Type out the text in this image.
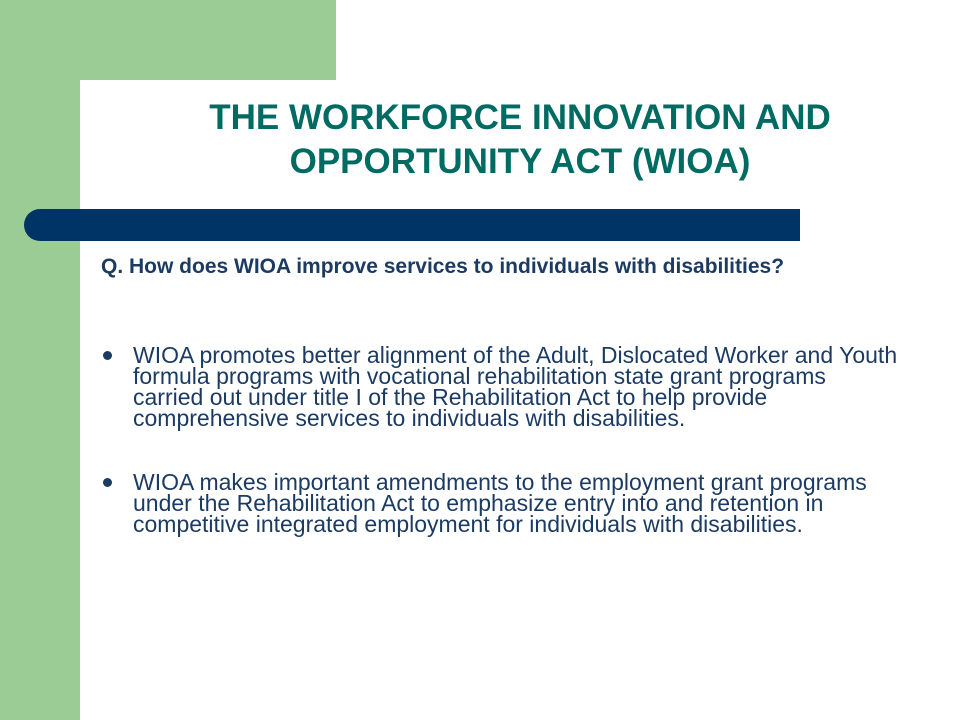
THE WORKFORCE INNOVATION AND
OPPORTUNITY ACT (WIOA)

Q. How does WIOA improve services to individuals with disabilities?

WIOA promotes better alignment of the Adult, Dislocated Worker and Youth formula programs with vocational rehabilitation state grant programs carried out under title I of the Rehabilitation Act to help provide comprehensive services to individuals with disabilities.
WIOA makes important amendments to the employment grant programs under the Rehabilitation Act to emphasize entry into and retention in competitive integrated employment for individuals with disabilities.
